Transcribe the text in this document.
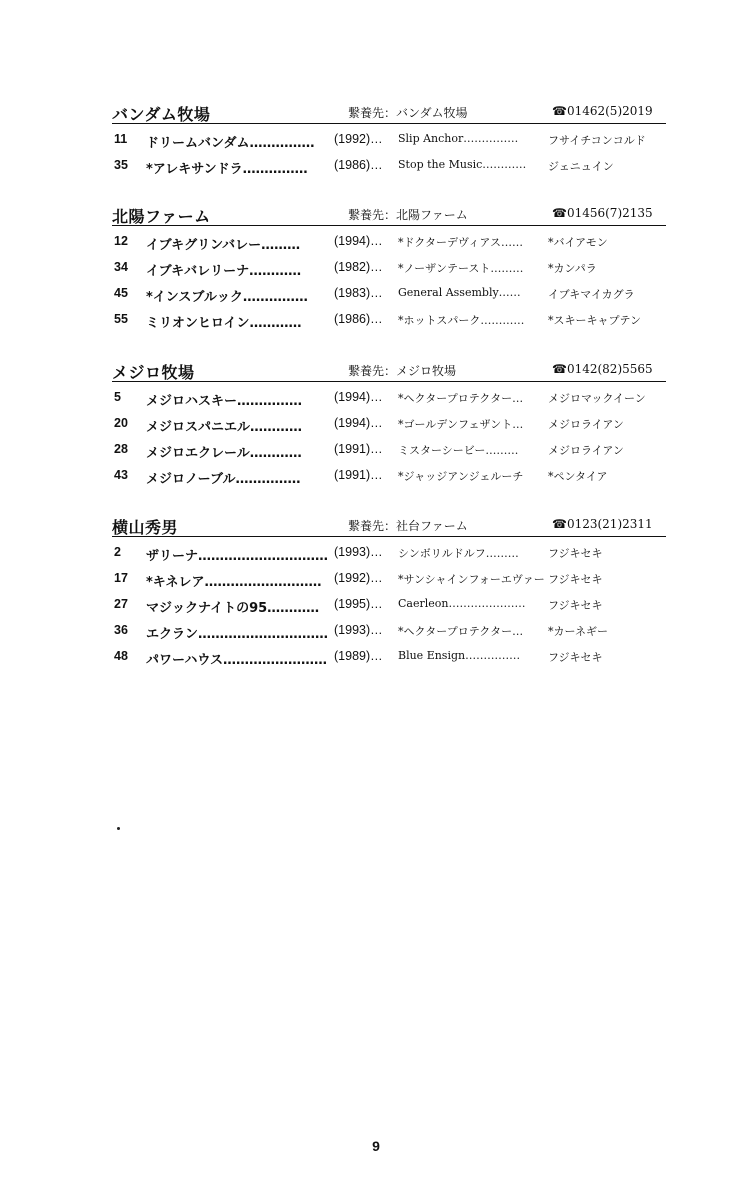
バンダム牧場	繋養先：バンダム牧場	☎01462(5)2019
11	ドリームバンダム……………	(1992)…	Slip Anchor……………	フサイチコンコルド
35	*アレキサンドラ……………	(1986)…	Stop the Music…………	ジェニュイン
北陽ファーム	繋養先：北陽ファーム	☎01456(7)2135
12	イブキグリンバレー………	(1994)…	*ドクターデヴィアス……	*バイアモン
34	イブキバレリーナ…………	(1982)…	*ノーザンテースト………	*カンパラ
45	*インスブルック……………	(1983)…	General Assembly……	イブキマイカグラ
55	ミリオンヒロイン…………	(1986)…	*ホットスパーク…………	*スキーキャプテン
メジロ牧場	繋養先：メジロ牧場	☎0142(82)5565
5	メジロハスキー……………	(1994)…	*ヘクタープロテクター…	メジロマックイーン
20	メジロスパニエル…………	(1994)…	*ゴールデンフェザント…	メジロライアン
28	メジロエクレール…………	(1991)…	ミスターシービー………	メジロライアン
43	メジロノーブル……………	(1991)…	*ジャッジアンジェルーチ	*ペンタイア
横山秀男	繋養先：社台ファーム	☎0123(21)2311
2	ザリーナ………………………… (1993)…	シンボリルドルフ………	フジキセキ
17	*キネレア……………………… (1992)…	*サンシャインフォーエヴァー フジキセキ
27	マジックナイトの95…………	(1995)…	Caerleon…………………	フジキセキ
36	エクラン………………………… (1993)…	*ヘクタープロテクター…	*カーネギー
48	パワーハウス…………………… (1989)…	Blue Ensign……………	フジキセキ
9
